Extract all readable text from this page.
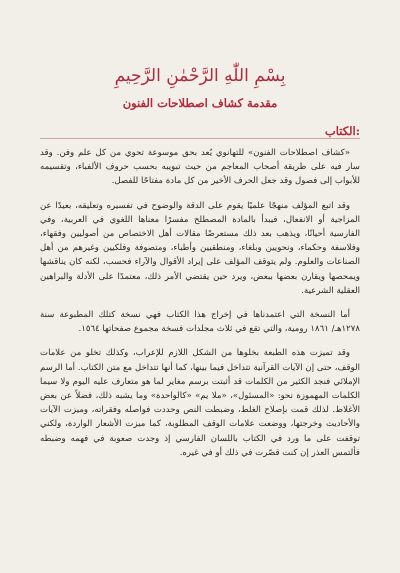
بِسْمِ اللّٰهِ الرَّحْمٰنِ الرَّحِيمِ
مقدمة كشاف اصطلاحات الفنون
الكتاب:

«كشاف اصطلاحات الفنون» للتهانوي يُعد بحق موسوعة تحوي من كل علم وفن. وقد سار فيه على طريقة أصحاب المعاجم من حيث تبويبه بحسب حروف الألفباء، وتقسيمه للأبواب إلى فصول وقد جعل الحرف الأخير من كل مادة مفتاحًا للفصل.

وقد اتبع المؤلف منهجًا علميًا يقوم على الدقة والوضوح في تفسيره وتعليقه، بعيدًا عن المزاجية أو الانفعال، فيبدأ بالمادة المصطلح مفسرًا معناها اللغوي في العربية، وفي الفارسية أحيانًا، ويذهب بعد ذلك مستعرضًا مقالات أهل الاختصاص من أصوليين وفقهاء، وفلاسفة وحكماء، ونحويين وبلغاء، ومنطقيين وأطباء، ومتصوفة وفلكيين وغيرهم من أهل الصناعات والعلوم. ولم يتوقف المؤلف على إيراد الأقوال والآراء فحسب، لكنه كان يناقشها ويمحصها ويقارن بعضها ببعض، ويرد حين يقتضي الأمر ذلك، معتمدًا على الأدلة والبراهين العقلية الشرعية.

أما النسخة التي اعتمدناها في إخراج هذا الكتاب فهي نسخة كتلك المطبوعة سنة ١٢٧٨هـ/ ١٨٦١ رومية، والتي تقع في ثلاث مجلدات فسخة مجموع صفحاتها ١٥٦٤.

وقد تميزت هذه الطبعة بخلوها من الشكل اللازم للإعراب، وكذلك تخلو من علامات الوقف، حتى إن الآيات القرآنية تتداخل فيما بينها، كما أنها تتداخل مع متن الكتاب. أما الرسم الإملائي فنجد الكثير من الكلمات قد أثبتت برسم مغاير لما هو متعارف عليه اليوم ولا سيما الكلمات المهموزة نحو: «المسئول»، «ملا يم» «كالواحدة» وما يشبه ذلك، فضلاً عن بعض الأغلاط. لذلك قمت بإصلاح الغلط، وضبطت النص وحددت فواصله وفقراته، وميزت الآيات والأحاديث وخرجتها، ووضعت علامات الوقف المطلوبة، كما ميزت الأشعار الواردة، ولكني توقفت على ما ورد في الكتاب باللسان الفارسي إذ وجدت صعوبة في فهمه وضبطه فألتمس العذر إن كنت قصّرت في ذلك أو في غيره.
